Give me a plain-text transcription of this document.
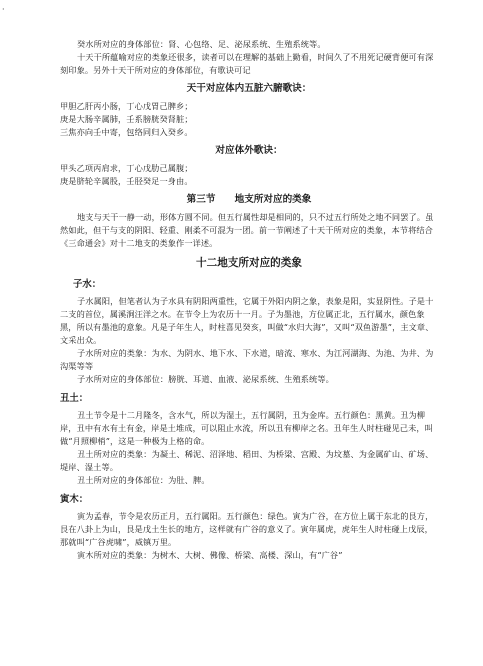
·

癸水所对应的身体部位：肾、心包络、足、泌尿系统、生殖系统等。

十天干所蕴喻对应的类象还很多，读者可以在理解的基础上勤看，时间久了不用死记硬背便可有深刻印象。另外十天干所对应的身体部位，有歌诀可记

天干对应体内五脏六腑歌诀：

甲胆乙肝丙小肠，丁心戊胃己脾乡；

庚是大肠辛属肺，壬系膀胱癸肾脏；

三焦亦向壬中寄，包络同归入癸乡。

对应体外歌诀：

甲头乙项丙肩求，丁心戊肋己属腹；

庚是脐轮辛属股，壬胫癸足一身由。

第三节　　地支所对应的类象

地支与天干一静一动，形体方圆不同。但五行属性却是相同的，只不过五行所处之地不同罢了。虽然如此，但干与支的阴阳、轻重、刚柔不可混为一团。前一节阐述了十天干所对应的类象，本节将结合《三命通会》对十二地支的类象作一详述。

十二地支所对应的类象
子水：

子水属阳，但笔者认为子水具有阴阳两重性，它属于外阳内阴之象，表象是阳，实显阴性。子是十二支的首位，属溪涧汪洋之水。在节令上为农历十一月。子为墨池，方位属正北，五行属水，颜色象黑，所以有墨池的意象。凡是子年生人，时柱喜见癸亥，叫做“水归大海”，又叫“双鱼游墨”，主文章、文采出众。

子水所对应的类象：为水、为阴水、地下水、下水道，暗流、寒水、为江河湖海、为池、为井、为沟渠等等

子水所对应的身体部位：膀胱、耳道、血液、泌尿系统、生殖系统等。

丑土：

丑土节令是十二月隆冬，含水气，所以为湿土，五行属阴，丑为金库。五行颜色：黑黄。丑为柳岸，丑中有水有土有金，岸是土堆成，可以阻止水流，所以丑有柳岸之名。丑年生人时柱碰见己未，叫做“月照柳梢”，这是一种极为上格的命。

丑土所对应的类象：为凝土、稀泥、沼泽地、稻田、为桥梁、宫殿、为坟墓、为金属矿山、矿场、堤岸、湿土等。

丑土所对应的身体部位：为肚、脾。

寅木：

寅为孟春，节令是农历正月，五行属阳。五行颜色：绿色。寅为广谷，在方位上属于东北的艮方，艮在八卦上为山，艮是戊土生长的地方，这样就有广谷的意义了。寅年属虎，虎年生人时柱碰上戊辰，那就叫“广谷虎啸”，威镇万里。

寅木所对应的类象：为树木、大树、佛像、桥梁、高楼、深山，有“广谷”
